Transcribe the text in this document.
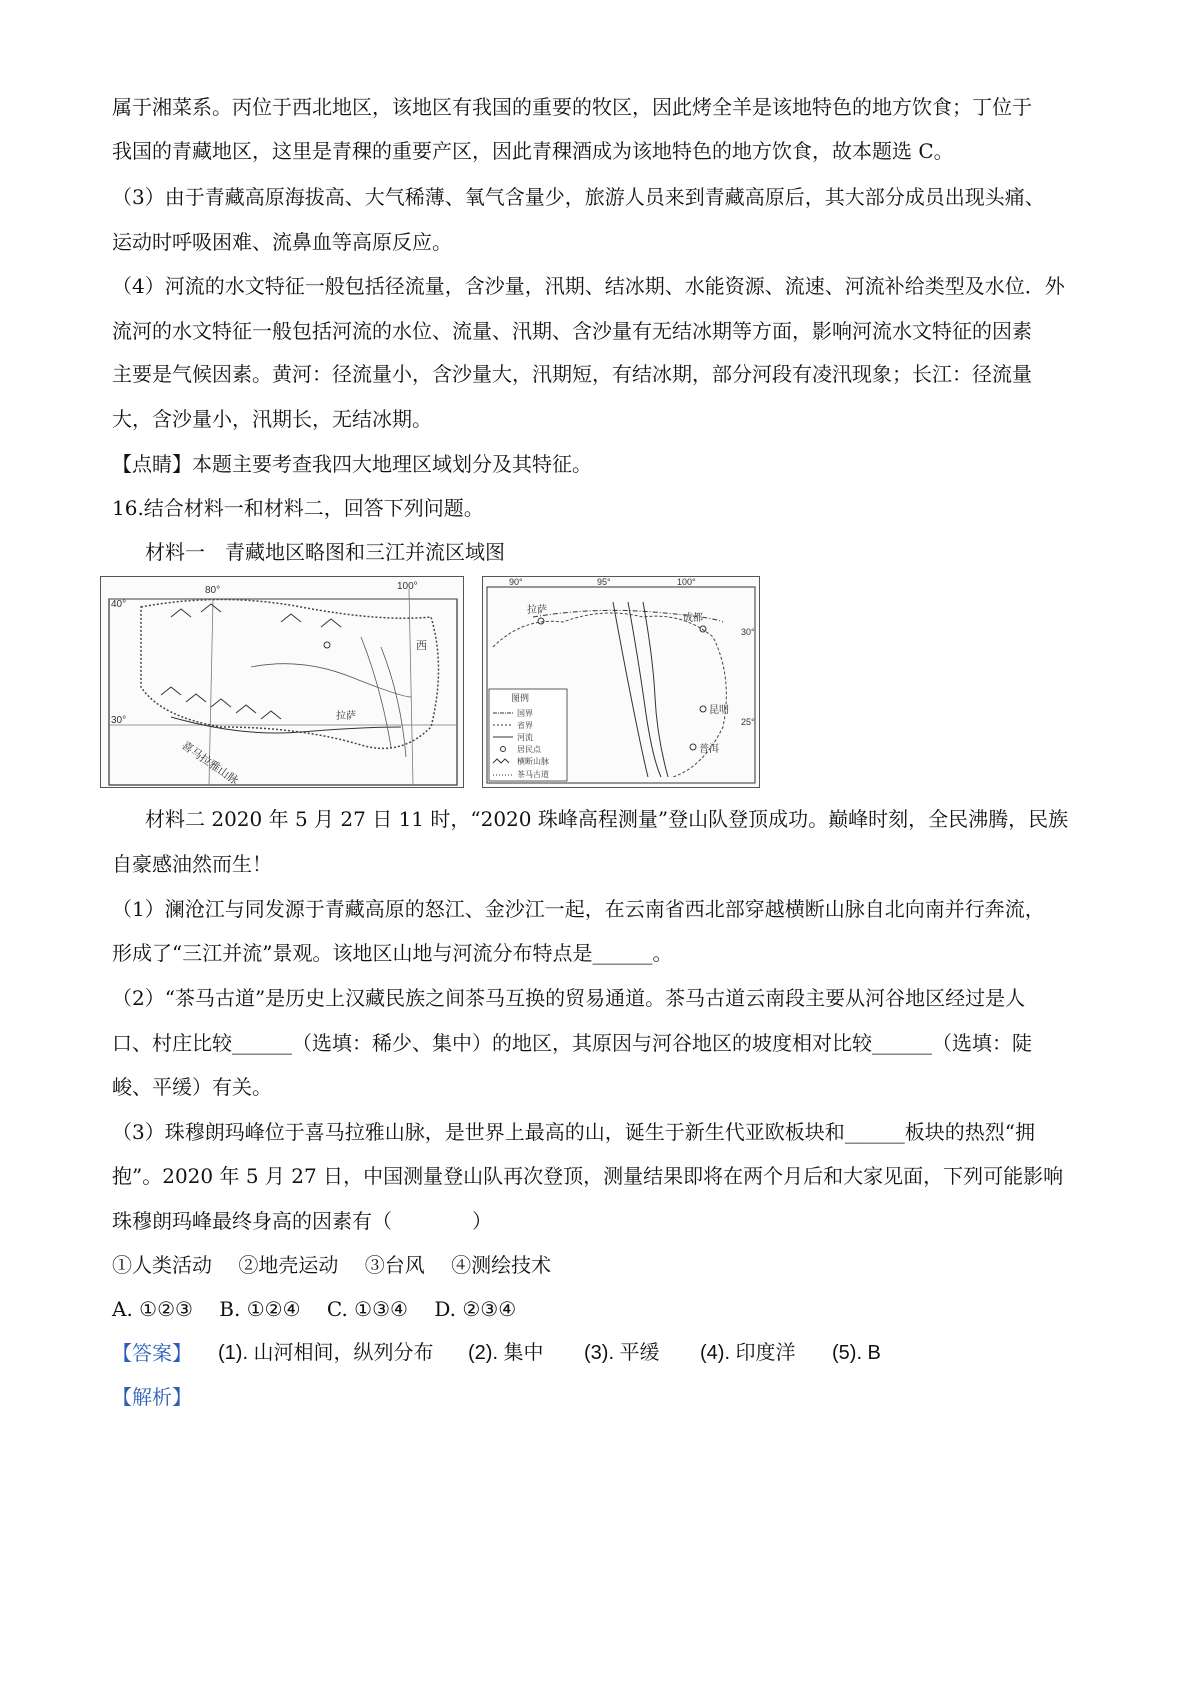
属于湘菜系。丙位于西北地区，该地区有我国的重要的牧区，因此烤全羊是该地特色的地方饮食；丁位于
我国的青藏地区，这里是青稞的重要产区，因此青稞酒成为该地特色的地方饮食，故本题选 C。
（3）由于青藏高原海拔高、大气稀薄、氧气含量少，旅游人员来到青藏高原后，其大部分成员出现头痛、
运动时呼吸困难、流鼻血等高原反应。
（4）河流的水文特征一般包括径流量，含沙量，汛期、结冰期、水能资源、流速、河流补给类型及水位．外
流河的水文特征一般包括河流的水位、流量、汛期、含沙量有无结冰期等方面，影响河流水文特征的因素
主要是气候因素。黄河：径流量小，含沙量大，汛期短，有结冰期，部分河段有凌汛现象；长江：径流量
大，含沙量小，汛期长，无结冰期。
【点睛】本题主要考查我四大地理区域划分及其特征。
16.结合材料一和材料二，回答下列问题。
材料一　青藏地区略图和三江并流区域图
80°	100°
40°
30°
西
拉萨
喜马拉雅山脉
90°	95°	100°
30°
25°
拉萨
成都
昆明
普洱
图例
国界
省界
河流
居民点
横断山脉
茶马古道
材料二 2020 年 5 月 27 日 11 时，“2020 珠峰高程测量”登山队登顶成功。巅峰时刻，全民沸腾，民族
自豪感油然而生！
（1）澜沧江与同发源于青藏高原的怒江、金沙江一起，在云南省西北部穿越横断山脉自北向南并行奔流，
形成了“三江并流”景观。该地区山地与河流分布特点是______。
（2）“茶马古道”是历史上汉藏民族之间茶马互换的贸易通道。茶马古道云南段主要从河谷地区经过是人
口、村庄比较______（选填：稀少、集中）的地区，其原因与河谷地区的坡度相对比较______（选填：陡
峻、平缓）有关。
（3）珠穆朗玛峰位于喜马拉雅山脉，是世界上最高的山，诞生于新生代亚欧板块和______板块的热烈“拥
抱”。2020 年 5 月 27 日，中国测量登山队再次登顶，测量结果即将在两个月后和大家见面，下列可能影响
珠穆朗玛峰最终身高的因素有（　　　　）
①人类活动　 ②地壳运动　 ③台风　 ④测绘技术
A. ①②③　 B. ①②④　 C. ①③④　 D. ②③④
【答案】 (1). 山河相间，纵列分布 (2). 集中 (3). 平缓 (4). 印度洋 (5). B
【解析】
